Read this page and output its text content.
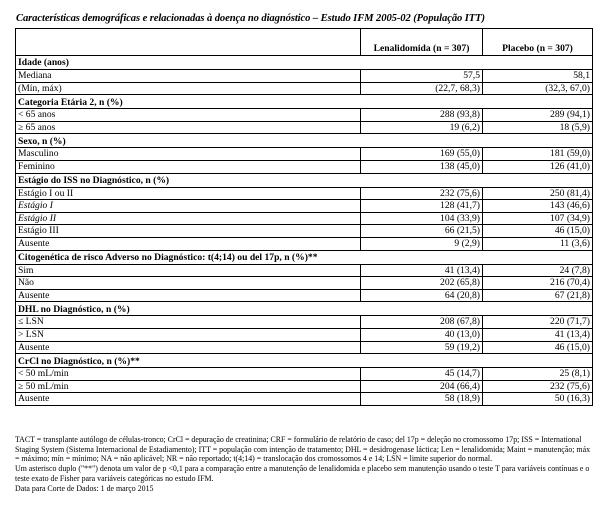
Características demográficas e relacionadas à doença no diagnóstico – Estudo IFM 2005-02 (População ITT)
	Lenalidomida (n = 307)	Placebo (n = 307)
Idade (anos)		
Mediana	57,5	58,1
(Mín, máx)	(22,7, 68,3)	(32,3, 67,0)
Categoria Etária 2, n (%)		
< 65 anos	288 (93,8)	289 (94,1)
≥ 65 anos	19 (6,2)	18 (5,9)
Sexo, n (%)		
Masculino	169 (55,0)	181 (59,0)
Feminino	138 (45,0)	126 (41,0)
Estágio do ISS no Diagnóstico, n (%)		
Estágio I ou II	232 (75,6)	250 (81,4)
Estágio I	128 (41,7)	143 (46,6)
Estágio II	104 (33,9)	107 (34,9)
Estágio III	66 (21,5)	46 (15,0)
Ausente	9 (2,9)	11 (3,6)
Citogenética de risco Adverso no Diagnóstico: t(4;14) ou del 17p, n (%)**		
Sim	41 (13,4)	24 (7,8)
Não	202 (65,8)	216 (70,4)
Ausente	64 (20,8)	67 (21,8)
DHL no Diagnóstico, n (%)		
≤ LSN	208 (67,8)	220 (71,7)
> LSN	40 (13,0)	41 (13,4)
Ausente	59 (19,2)	46 (15,0)
CrCl no Diagnóstico, n (%)**		
< 50 mL/min	45 (14,7)	25 (8,1)
≥ 50 mL/min	204 (66,4)	232 (75,6)
Ausente	58 (18,9)	50 (16,3)

TACT = transplante autólogo de células-tronco; CrCl = depuração de creatinina; CRF = formulário de relatório de caso; del 17p = deleção no cromossomo 17p; ISS = International Staging System (Sistema Internacional de Estadiamento); ITT = população com intenção de tratamento; DHL = desidrogenase láctica; Len = lenalidomida; Maint = manutenção; máx = máximo; mín = mínimo; NA = não aplicável; NR = não reportado; t(4;14) = translocação dos cromossomos 4 e 14; LSN = limite superior do normal.

Um asterisco duplo ("**") denota um valor de p <0,1 para a comparação entre a manutenção de lenalidomida e placebo sem manutenção usando o teste T para variáveis contínuas e o teste exato de Fisher para variáveis categóricas no estudo IFM.

Data para Corte de Dados: 1 de março 2015
